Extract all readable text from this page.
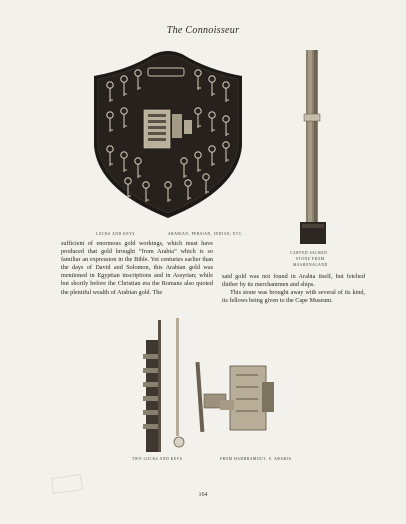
The Connoisseur
LOCKS AND KEYS	ARABIAN, PERSIAN, INDIAN, ETC.
CARVED SACRED
STONE FROM
MASHONALAND

sufficient of enormous gold workings, which must have produced that gold brought “from Arabia” which is so familiar an expression in the Bible. Yet centuries earlier than the days of David and Solomon, this Arabian gold was mentioned in Egyptian inscriptions and in Assyrian; while but shortly before the Christian era the Romans also quoted the plentiful wealth of Arabian gold. The

said gold was not found in Arabia itself, but fetched thither by its merchantmen and ships.

This stone was brought away with several of its kind, its fellows being given to the Cape Museum.

TWO LOCKS AND KEYS	FROM HADHRAMOUT, S. ARABIA
164
